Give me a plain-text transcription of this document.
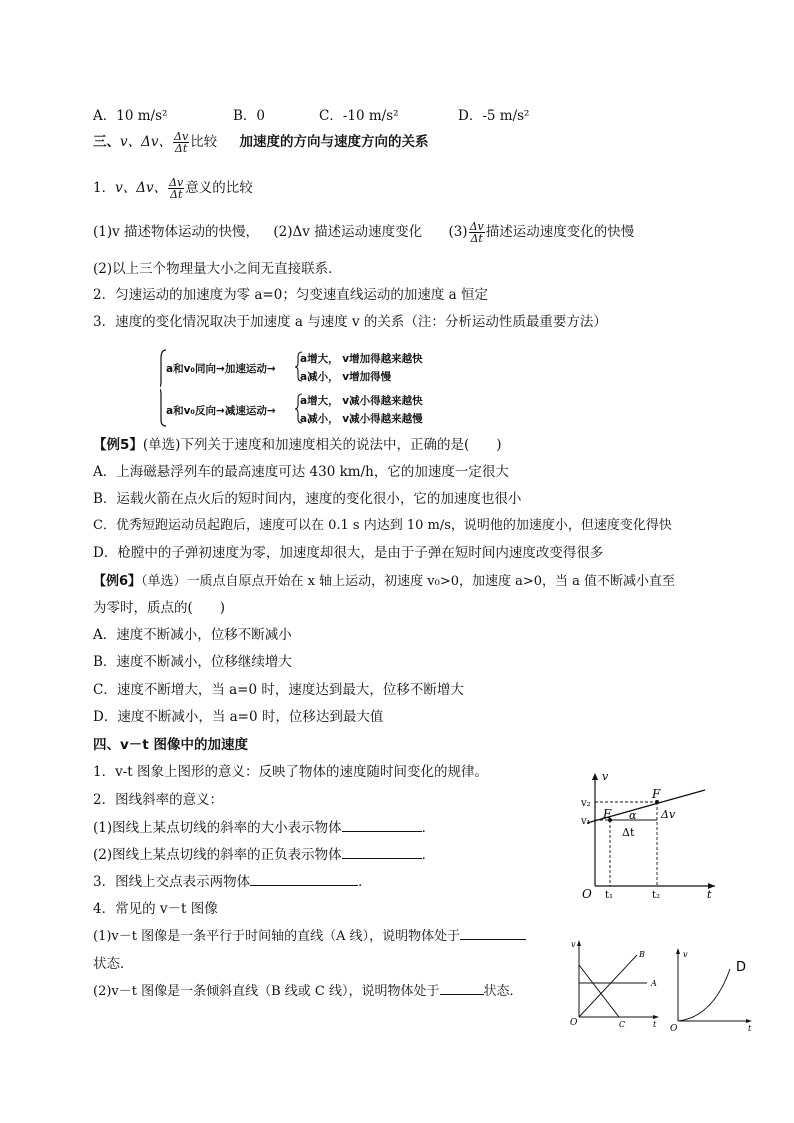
A．10 m/s²	B．0	C．-10 m/s²	D．-5 m/s²
三、v、Δv、 $\frac{\Delta v}{\Delta t}$ 比较 加速度的方向与速度方向的关系
1．v、Δv、 $\frac{\Delta v}{\Delta t}$ 意义的比较
(1)v 描述物体运动的快慢， (2)Δv 描述运动速度变化 $(3) \frac{\Delta v}{\Delta t}$ 描述运动速度变化的快慢
(2)以上三个物理量大小之间无直接联系．
2．匀速运动的加速度为零 a=0；匀变速直线运动的加速度 a 恒定
3．速度的变化情况取决于加速度 a 与速度 v 的关系（注：分析运动性质最重要方法）
a和v₀同向→加速运动→
a增大， v增加得越来越快
a减小， v增加得慢
a和v₀反向→减速运动→
a增大， v减小得越来越快
a减小， v减小得越来越慢
【例5】(单选)下列关于速度和加速度相关的说法中，正确的是(　　)
A．上海磁悬浮列车的最高速度可达 430 km/h，它的加速度一定很大
B．运载火箭在点火后的短时间内，速度的变化很小，它的加速度也很小
C．优秀短跑运动员起跑后，速度可以在 0.1 s 内达到 10 m/s，说明他的加速度小，但速度变化得快
D．枪膛中的子弹初速度为零，加速度却很大，是由于子弹在短时间内速度改变得很多
【例6】（单选）一质点自原点开始在 x 轴上运动，初速度 v₀>0，加速度 a>0，当 a 值不断减小直至
为零时，质点的(　　)
A．速度不断减小，位移不断减小
B．速度不断减小，位移继续增大
C．速度不断增大，当 a=0 时，速度达到最大，位移不断增大
D．速度不断减小，当 a=0 时，位移达到最大值
四、v－t 图像中的加速度
1．v-t 图象上图形的意义：反映了物体的速度随时间变化的规律。
2．图线斜率的意义：
(1)图线上某点切线的斜率的大小表示物体	．
(2)图线上某点切线的斜率的正负表示物体	．
3．图线上交点表示两物体	．
4．常见的 v－t 图像
(1)v－t 图像是一条平行于时间轴的直线（A 线），说明物体处于
状态．
(2)v－t 图像是一条倾斜直线（B 线或 C 线），说明物体处于	状态．
v
t
O
v₂
v₁
t₁	t₂
E
F
α
Δt
Δv
v
t
O
A
B
C
v
t
O
D
